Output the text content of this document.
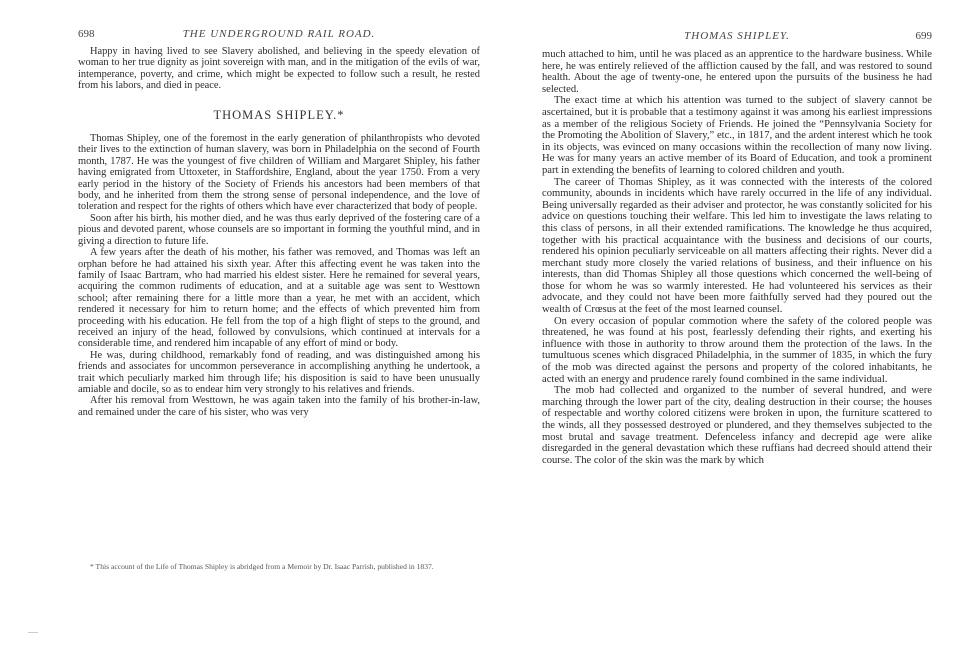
698	THE UNDERGROUND RAIL ROAD.

Happy in having lived to see Slavery abolished, and believing in the speedy elevation of woman to her true dignity as joint sovereign with man, and in the mitigation of the evils of war, intemperance, poverty, and crime, which might be expected to follow such a result, he rested from his labors, and died in peace.

THOMAS SHIPLEY.*

Thomas Shipley, one of the foremost in the early generation of philanthropists who devoted their lives to the extinction of human slavery, was born in Philadelphia on the second of Fourth month, 1787. He was the youngest of five children of William and Margaret Shipley, his father having emigrated from Uttoxeter, in Staffordshire, England, about the year 1750. From a very early period in the history of the Society of Friends his ancestors had been members of that body, and he inherited from them the strong sense of personal independence, and the love of toleration and respect for the rights of others which have ever characterized that body of people.

Soon after his birth, his mother died, and he was thus early deprived of the fostering care of a pious and devoted parent, whose counsels are so important in forming the youthful mind, and in giving a direction to future life.

A few years after the death of his mother, his father was removed, and Thomas was left an orphan before he had attained his sixth year. After this affecting event he was taken into the family of Isaac Bartram, who had married his eldest sister. Here he remained for several years, acquiring the common rudiments of education, and at a suitable age was sent to Westtown school; after remaining there for a little more than a year, he met with an accident, which rendered it necessary for him to return home; and the effects of which prevented him from proceeding with his education. He fell from the top of a high flight of steps to the ground, and received an injury of the head, followed by convulsions, which continued at intervals for a considerable time, and rendered him incapable of any effort of mind or body.

He was, during childhood, remarkably fond of reading, and was distinguished among his friends and associates for uncommon perseverance in accomplishing anything he undertook, a trait which peculiarly marked him through life; his disposition is said to have been unusually amiable and docile, so as to endear him very strongly to his relatives and friends.

After his removal from Westtown, he was again taken into the family of his brother-in-law, and remained under the care of his sister, who was very

* This account of the Life of Thomas Shipley is abridged from a Memoir by Dr. Isaac Parrish, published in 1837.
THOMAS SHIPLEY.	699

much attached to him, until he was placed as an apprentice to the hardware business. While here, he was entirely relieved of the affliction caused by the fall, and was restored to sound health. About the age of twenty-one, he entered upon the pursuits of the business he had selected.

The exact time at which his attention was turned to the subject of slavery cannot be ascertained, but it is probable that a testimony against it was among his earliest impressions as a member of the religious Society of Friends. He joined the “Pennsylvania Society for the Promoting the Abolition of Slavery,” etc., in 1817, and the ardent interest which he took in its objects, was evinced on many occasions within the recollection of many now living. He was for many years an active member of its Board of Education, and took a prominent part in extending the benefits of learning to colored children and youth.

The career of Thomas Shipley, as it was connected with the interests of the colored community, abounds in incidents which have rarely occurred in the life of any individual. Being universally regarded as their adviser and protector, he was constantly solicited for his advice on questions touching their welfare. This led him to investigate the laws relating to this class of persons, in all their extended ramifications. The knowledge he thus acquired, together with his practical acquaintance with the business and decisions of our courts, rendered his opinion peculiarly serviceable on all matters affecting their rights. Never did a merchant study more closely the varied relations of business, and their influence on his interests, than did Thomas Shipley all those questions which concerned the well-being of those for whom he was so warmly interested. He had volunteered his services as their advocate, and they could not have been more faithfully served had they poured out the wealth of Crœsus at the feet of the most learned counsel.

On every occasion of popular commotion where the safety of the colored people was threatened, he was found at his post, fearlessly defending their rights, and exerting his influence with those in authority to throw around them the protection of the laws. In the tumultuous scenes which disgraced Philadelphia, in the summer of 1835, in which the fury of the mob was directed against the persons and property of the colored inhabitants, he acted with an energy and prudence rarely found combined in the same individual.

The mob had collected and organized to the number of several hundred, and were marching through the lower part of the city, dealing destruction in their course; the houses of respectable and worthy colored citizens were broken in upon, the furniture scattered to the winds, all they possessed destroyed or plundered, and they themselves subjected to the most brutal and savage treatment. Defenceless infancy and decrepid age were alike disregarded in the general devastation which these ruffians had decreed should attend their course. The color of the skin was the mark by which
